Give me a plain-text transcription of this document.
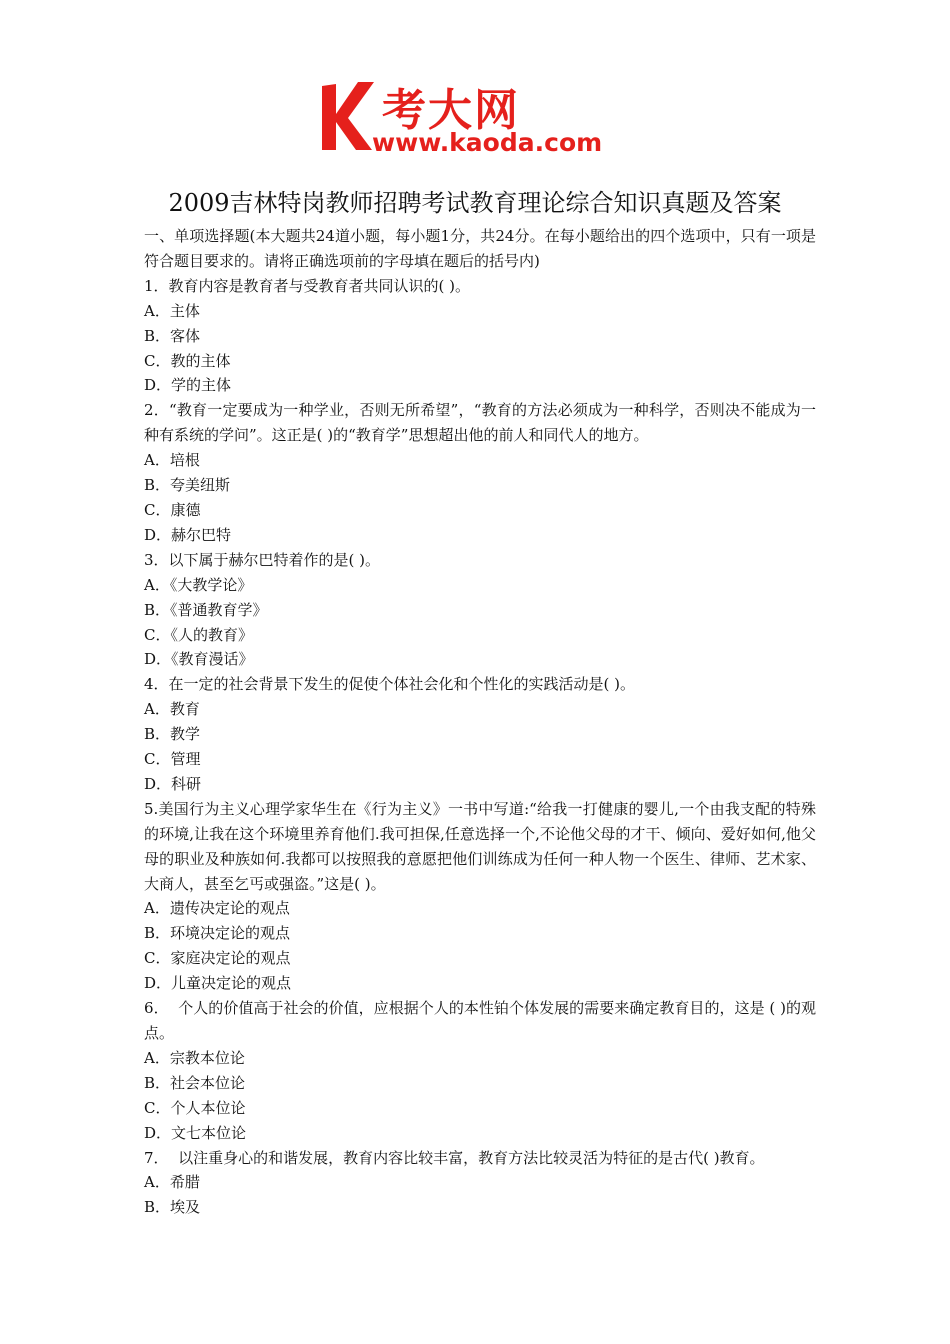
考大网
www.kaoda.com
2009吉林特岗教师招聘考试教育理论综合知识真题及答案

一、单项选择题(本大题共24道小题，每小题1分，共24分。在每小题给出的四个选项中，只有一项是符合题目要求的。请将正确选项前的字母填在题后的括号内)

1．教育内容是教育者与受教育者共同认识的( )。

A．主体

B．客体

C．教的主体

D．学的主体

2．“教育一定要成为一种学业，否则无所希望”，“教育的方法必须成为一种科学，否则决不能成为一种有系统的学问”。这正是( )的“教育学”思想超出他的前人和同代人的地方。

A．培根

B．夸美纽斯

C．康德

D．赫尔巴特

3．以下属于赫尔巴特着作的是( )。

A．《大教学论》

B．《普通教育学》

C．《人的教育》

D．《教育漫话》

4．在一定的社会背景下发生的促使个体社会化和个性化的实践活动是( )。

A．教育

B．教学

C．管理

D．科研

5.美国行为主义心理学家华生在《行为主义》一书中写道:“给我一打健康的婴儿,一个由我支配的特殊的环境,让我在这个环境里养育他们.我可担保,任意选择一个,不论他父母的才干、倾向、爱好如何,他父母的职业及种族如何.我都可以按照我的意愿把他们训练成为任何一种人物一个医生、律师、艺术家、大商人，甚至乞丐或强盗。”这是( )。

A．遗传决定论的观点

B．环境决定论的观点

C．家庭决定论的观点

D．儿童决定论的观点

6．  个人的价值高于社会的价值，应根据个人的本性铂个体发展的需要来确定教育目的，这是 ( )的观点。

A．宗教本位论

B．社会本位论

C．个人本位论

D．文七本位论

7．  以注重身心的和谐发展，教育内容比较丰富，教育方法比较灵活为特征的是古代( )教育。

A．希腊

B．埃及
